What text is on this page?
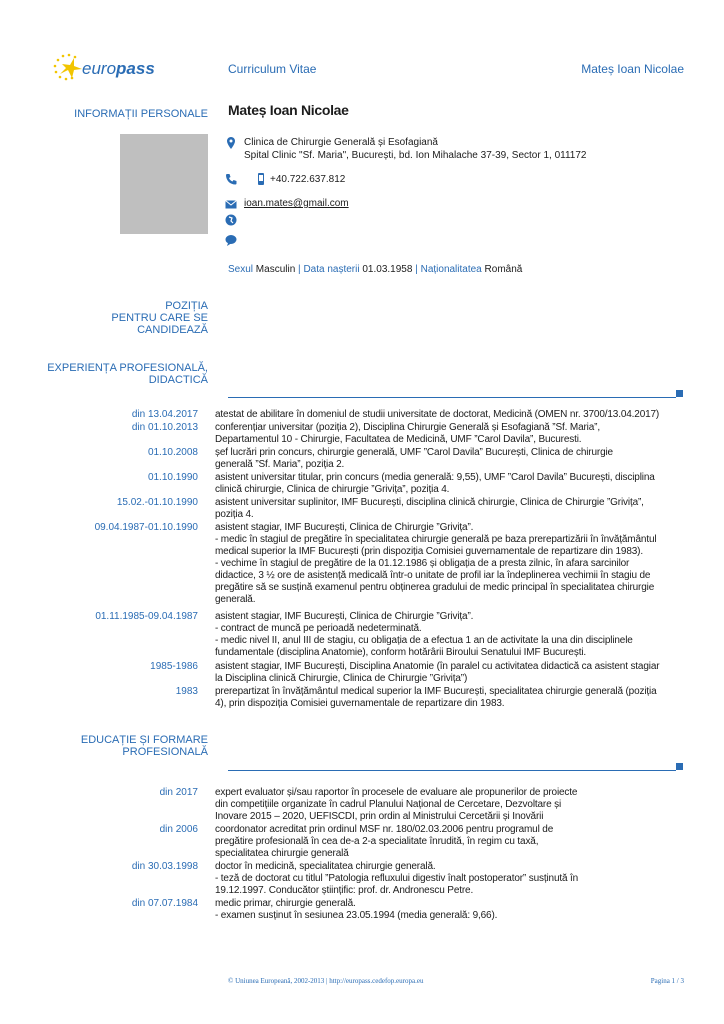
europass	Curriculum Vitae	Mateș Ioan Nicolae
INFORMAȚII PERSONALE Mateș Ioan Nicolae
Clinica de Chirurgie Generală și Esofagiană
Spital Clinic "Sf. Maria", București, bd. Ion Mihalache 37-39, Sector 1, 011172
+40.722.637.812
ioan.mates@gmail.com
Sexul Masculin | Data nașterii 01.03.1958 | Naționalitatea Română
POZIȚIA
PENTRU CARE SE
CANDIDEAZĂ
EXPERIENȚA PROFESIONALĂ,
DIDACTICĂ
din 13.04.2017 atestat de abilitare în domeniul de studii universitate de doctorat, Medicină (OMEN nr. 3700/13.04.2017)
din 01.10.2013 conferențiar universitar (poziția 2), Disciplina Chirurgie Generală și Esofagiană ”Sf. Maria”,
Departamentul 10 - Chirurgie, Facultatea de Medicină, UMF ”Carol Davila”, Bucuresti.
01.10.2008 șef lucrări prin concurs, chirurgie generală, UMF ”Carol Davila” București, Clinica de chirurgie
generală ”Sf. Maria”, poziția 2.
01.10.1990 asistent universitar titular, prin concurs (media generală: 9,55), UMF ”Carol Davila” București, disciplina
clinică chirurgie, Clinica de chirurgie ”Grivița”, poziția 4.
15.02.-01.10.1990 asistent universitar suplinitor, IMF București, disciplina clinică chirurgie, Clinica de Chirurgie ”Grivița”,
poziția 4.
09.04.1987-01.10.1990 asistent stagiar, IMF București, Clinica de Chirurgie ”Grivița”.
- medic în stagiul de pregătire în specialitatea chirurgie generală pe baza prerepartizării în învățământul
medical superior la IMF București (prin dispoziția Comisiei guvernamentale de repartizare din 1983).
- vechime în stagiul de pregătire de la 01.12.1986 și obligația de a presta zilnic, în afara sarcinilor
didactice, 3 ½ ore de asistență medicală într-o unitate de profil iar la îndeplinerea vechimii în stagiu de
pregătire să se susțină examenul pentru obținerea gradului de medic principal în specialitatea chirurgie
generală.
01.11.1985-09.04.1987 asistent stagiar, IMF București, Clinica de Chirurgie ”Grivița”.
- contract de muncă pe perioadă nedeterminată.
- medic nivel II, anul III de stagiu, cu obligația de a efectua 1 an de activitate la una din disciplinele
fundamentale (disciplina Anatomie), conform hotărârii Biroului Senatului IMF București.
1985-1986 asistent stagiar, IMF București, Disciplina Anatomie (în paralel cu activitatea didactică ca asistent stagiar
la Disciplina clinică Chirurgie, Clinica de Chirurgie ”Grivița”)
1983 prerepartizat în învățământul medical superior la IMF București, specialitatea chirurgie generală (poziția
4), prin dispoziția Comisiei guvernamentale de repartizare din 1983.
EDUCAȚIE ȘI FORMARE
PROFESIONALĂ
din 2017 expert evaluator și/sau raportor în procesele de evaluare ale propunerilor de proiecte
din competițiile organizate în cadrul Planului Național de Cercetare, Dezvoltare și
Inovare 2015 – 2020, UEFISCDI, prin ordin al Ministrului Cercetării și Inovării
din 2006 coordonator acreditat prin ordinul MSF nr. 180/02.03.2006 pentru programul de
pregătire profesională în cea de-a 2-a specialitate înrudită, în regim cu taxă,
specialitatea chirurgie generală
din 30.03.1998 doctor în medicină, specialitatea chirurgie generală.
- teză de doctorat cu titlul ”Patologia refluxului digestiv înalt postoperator” susținută în
19.12.1997. Conducător științific: prof. dr. Andronescu Petre.
din 07.07.1984 medic primar, chirurgie generală.
- examen susținut în sesiunea 23.05.1994 (media generală: 9,66).
© Uniunea Europeană, 2002-2013 | http://europass.cedefop.europa.eu	Pagina 1 / 3
